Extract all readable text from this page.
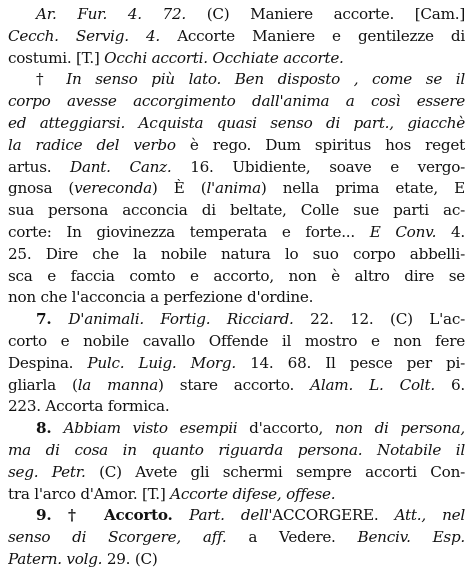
Ar. Fur. 4. 72. (C) Maniere accorte. [Cam.]
Cecch. Servig. 4. Accorte Maniere e gentilezze di
costumi. [T.] Occhi accorti. Occhiate accorte.
† In senso più lato. Ben disposto , come se il
corpo avesse accorgimento dall'anima a così essere
ed atteggiarsi. Acquista quasi senso di part., giacchè
la radice del verbo è rego. Dum spiritus hos reget
artus. Dant. Canz. 16. Ubidiente, soave e vergo-
gnosa (vereconda) È (l'anima) nella prima etate, E
sua persona acconcia di beltate, Colle sue parti ac-
corte: In giovinezza temperata e forte... E Conv. 4.
25. Dire che la nobile natura lo suo corpo abbelli-
sca e faccia comto e accorto, non è altro dire se
non che l'acconcia a perfezione d'ordine.
7. D'animali. Fortig. Ricciard. 22. 12. (C) L'ac-
corto e nobile cavallo Offende il mostro e non fere
Despina. Pulc. Luig. Morg. 14. 68. Il pesce per pi-
gliarla (la manna) stare accorto. Alam. L. Colt. 6.
223. Accorta formica.
8. Abbiam visto esempii d'accorto, non di persona,
ma di cosa in quanto riguarda persona. Notabile il
seg. Petr. (C) Avete gli schermi sempre accorti Con-
tra l'arco d'Amor. [T.] Accorte difese, offese.
9. † Accorto. Part. dell'ACCORGERE. Att., nel
senso di Scorgere, aff. a Vedere. Benciv. Esp.
Patern. volg. 29. (C)
